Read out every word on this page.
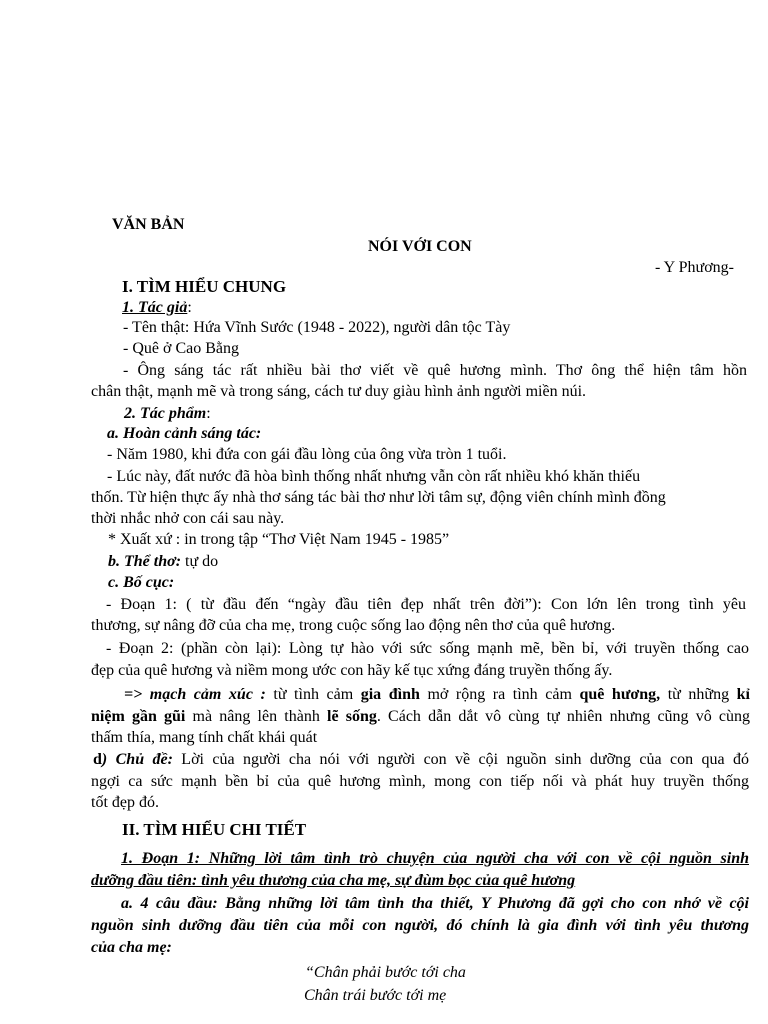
VĂN BẢN
NÓI VỚI CON
- Y Phương-
I. TÌM HIỂU CHUNG
1. Tác giả:
- Tên thật: Hứa Vĩnh Sước (1948 - 2022), người dân tộc Tày
- Quê ở Cao Bằng
- Ông sáng tác rất nhiều bài thơ viết về quê hương mình. Thơ ông thể hiện tâm hồn
chân thật, mạnh mẽ và trong sáng, cách tư duy giàu hình ảnh người miền núi.
2. Tác phẩm:
a. Hoàn cảnh sáng tác:
- Năm 1980, khi đứa con gái đầu lòng của ông vừa tròn 1 tuổi.
- Lúc này, đất nước đã hòa bình thống nhất nhưng vẫn còn rất nhiều khó khăn thiếu
thốn. Từ hiện thực ấy nhà thơ sáng tác bài thơ như lời tâm sự, động viên chính mình đồng
thời nhắc nhở con cái sau này.
* Xuất xứ : in trong tập “Thơ Việt Nam 1945 - 1985”
b. Thể thơ: tự do
c. Bố cục:
- Đoạn 1: ( từ đầu đến “ngày đầu tiên đẹp nhất trên đời”): Con lớn lên trong tình yêu
thương, sự nâng đỡ của cha mẹ, trong cuộc sống lao động nên thơ của quê hương.
- Đoạn 2: (phần còn lại): Lòng tự hào với sức sống mạnh mẽ, bền bỉ, với truyền thống cao
đẹp của quê hương và niềm mong ước con hãy kế tục xứng đáng truyền thống ấy.
=> mạch cảm xúc : từ tình cảm gia đình mở rộng ra tình cảm quê hương, từ những kỉ
niệm gần gũi mà nâng lên thành lẽ sống. Cách dẫn dắt vô cùng tự nhiên nhưng cũng vô cùng
thấm thía, mang tính chất khái quát
d) Chủ đề: Lời của người cha nói với người con về cội nguồn sinh dưỡng của con qua đó
ngợi ca sức mạnh bền bỉ của quê hương mình, mong con tiếp nối và phát huy truyền thống
tốt đẹp đó.
II. TÌM HIỂU CHI TIẾT
1. Đoạn 1: Những lời tâm tình trò chuyện của người cha với con về cội nguồn sinh
dưỡng đầu tiên: tình yêu thương của cha mẹ, sự đùm bọc của quê hương
a. 4 câu đầu: Bằng những lời tâm tình tha thiết, Y Phương đã gợi cho con nhớ về cội
nguồn sinh dưỡng đầu tiên của mỗi con người, đó chính là gia đình với tình yêu thương
của cha mẹ:
“Chân phải bước tới cha
Chân trái bước tới mẹ
